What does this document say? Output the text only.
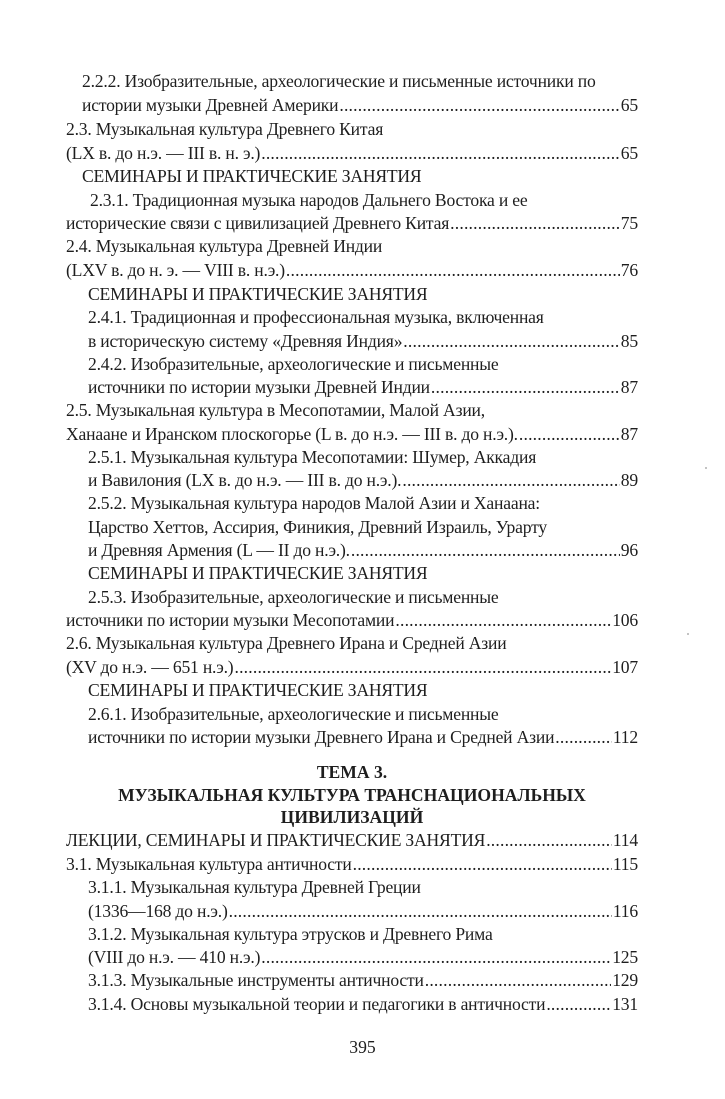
2.2.2. Изобразительные, археологические и письменные источники по
истории музыки Древней Америки .....	65
2.3. Музыкальная культура Древнего Китая
(LX в. до н.э. — III в. н. э.) .....	65
СЕМИНАРЫ И ПРАКТИЧЕСКИЕ ЗАНЯТИЯ
2.3.1. Традиционная музыка народов Дальнего Востока и ее
исторические связи с цивилизацией Древнего Китая .....	75
2.4. Музыкальная культура Древней Индии
(LXV в. до н. э. — VIII в. н.э.) .....	76
СЕМИНАРЫ И ПРАКТИЧЕСКИЕ ЗАНЯТИЯ
2.4.1. Традиционная и профессиональная музыка, включенная
в историческую систему «Древняя Индия» .....	85
2.4.2. Изобразительные, археологические и письменные
источники по истории музыки Древней Индии .....	87
2.5. Музыкальная культура в Месопотамии, Малой Азии,
Ханаане и Иранском плоскогорье (L в. до н.э. — III в. до н.э.). .....	87
2.5.1. Музыкальная культура Месопотамии: Шумер, Аккадия
и Вавилония (LX в. до н.э. — III в. до н.э.). .....	89
2.5.2. Музыкальная культура народов Малой Азии и Ханаана:
Царство Хеттов, Ассирия, Финикия, Древний Израиль, Урарту
и Древняя Армения (L — II до н.э.). .....	96
СЕМИНАРЫ И ПРАКТИЧЕСКИЕ ЗАНЯТИЯ
2.5.3. Изобразительные, археологические и письменные
источники по истории музыки Месопотамии .....	106
2.6. Музыкальная культура Древнего Ирана и Средней Азии
(XV до н.э. — 651 н.э.) .....	107
СЕМИНАРЫ И ПРАКТИЧЕСКИЕ ЗАНЯТИЯ
2.6.1. Изобразительные, археологические и письменные
источники по истории музыки Древнего Ирана и Средней Азии .....	112
ТЕМА 3.
МУЗЫКАЛЬНАЯ КУЛЬТУРА ТРАНСНАЦИОНАЛЬНЫХ
ЦИВИЛИЗАЦИЙ
ЛЕКЦИИ, СЕМИНАРЫ И ПРАКТИЧЕСКИЕ ЗАНЯТИЯ .....	114
3.1. Музыкальная культура античности .....	115
3.1.1. Музыкальная культура Древней Греции
(1336—168 до н.э.) .....	116
3.1.2. Музыкальная культура этрусков и Древнего Рима
(VIII до н.э. — 410 н.э.) .....	125
3.1.3. Музыкальные инструменты античности .....	129
3.1.4. Основы музыкальной теории и педагогики в античности .....	131
395
